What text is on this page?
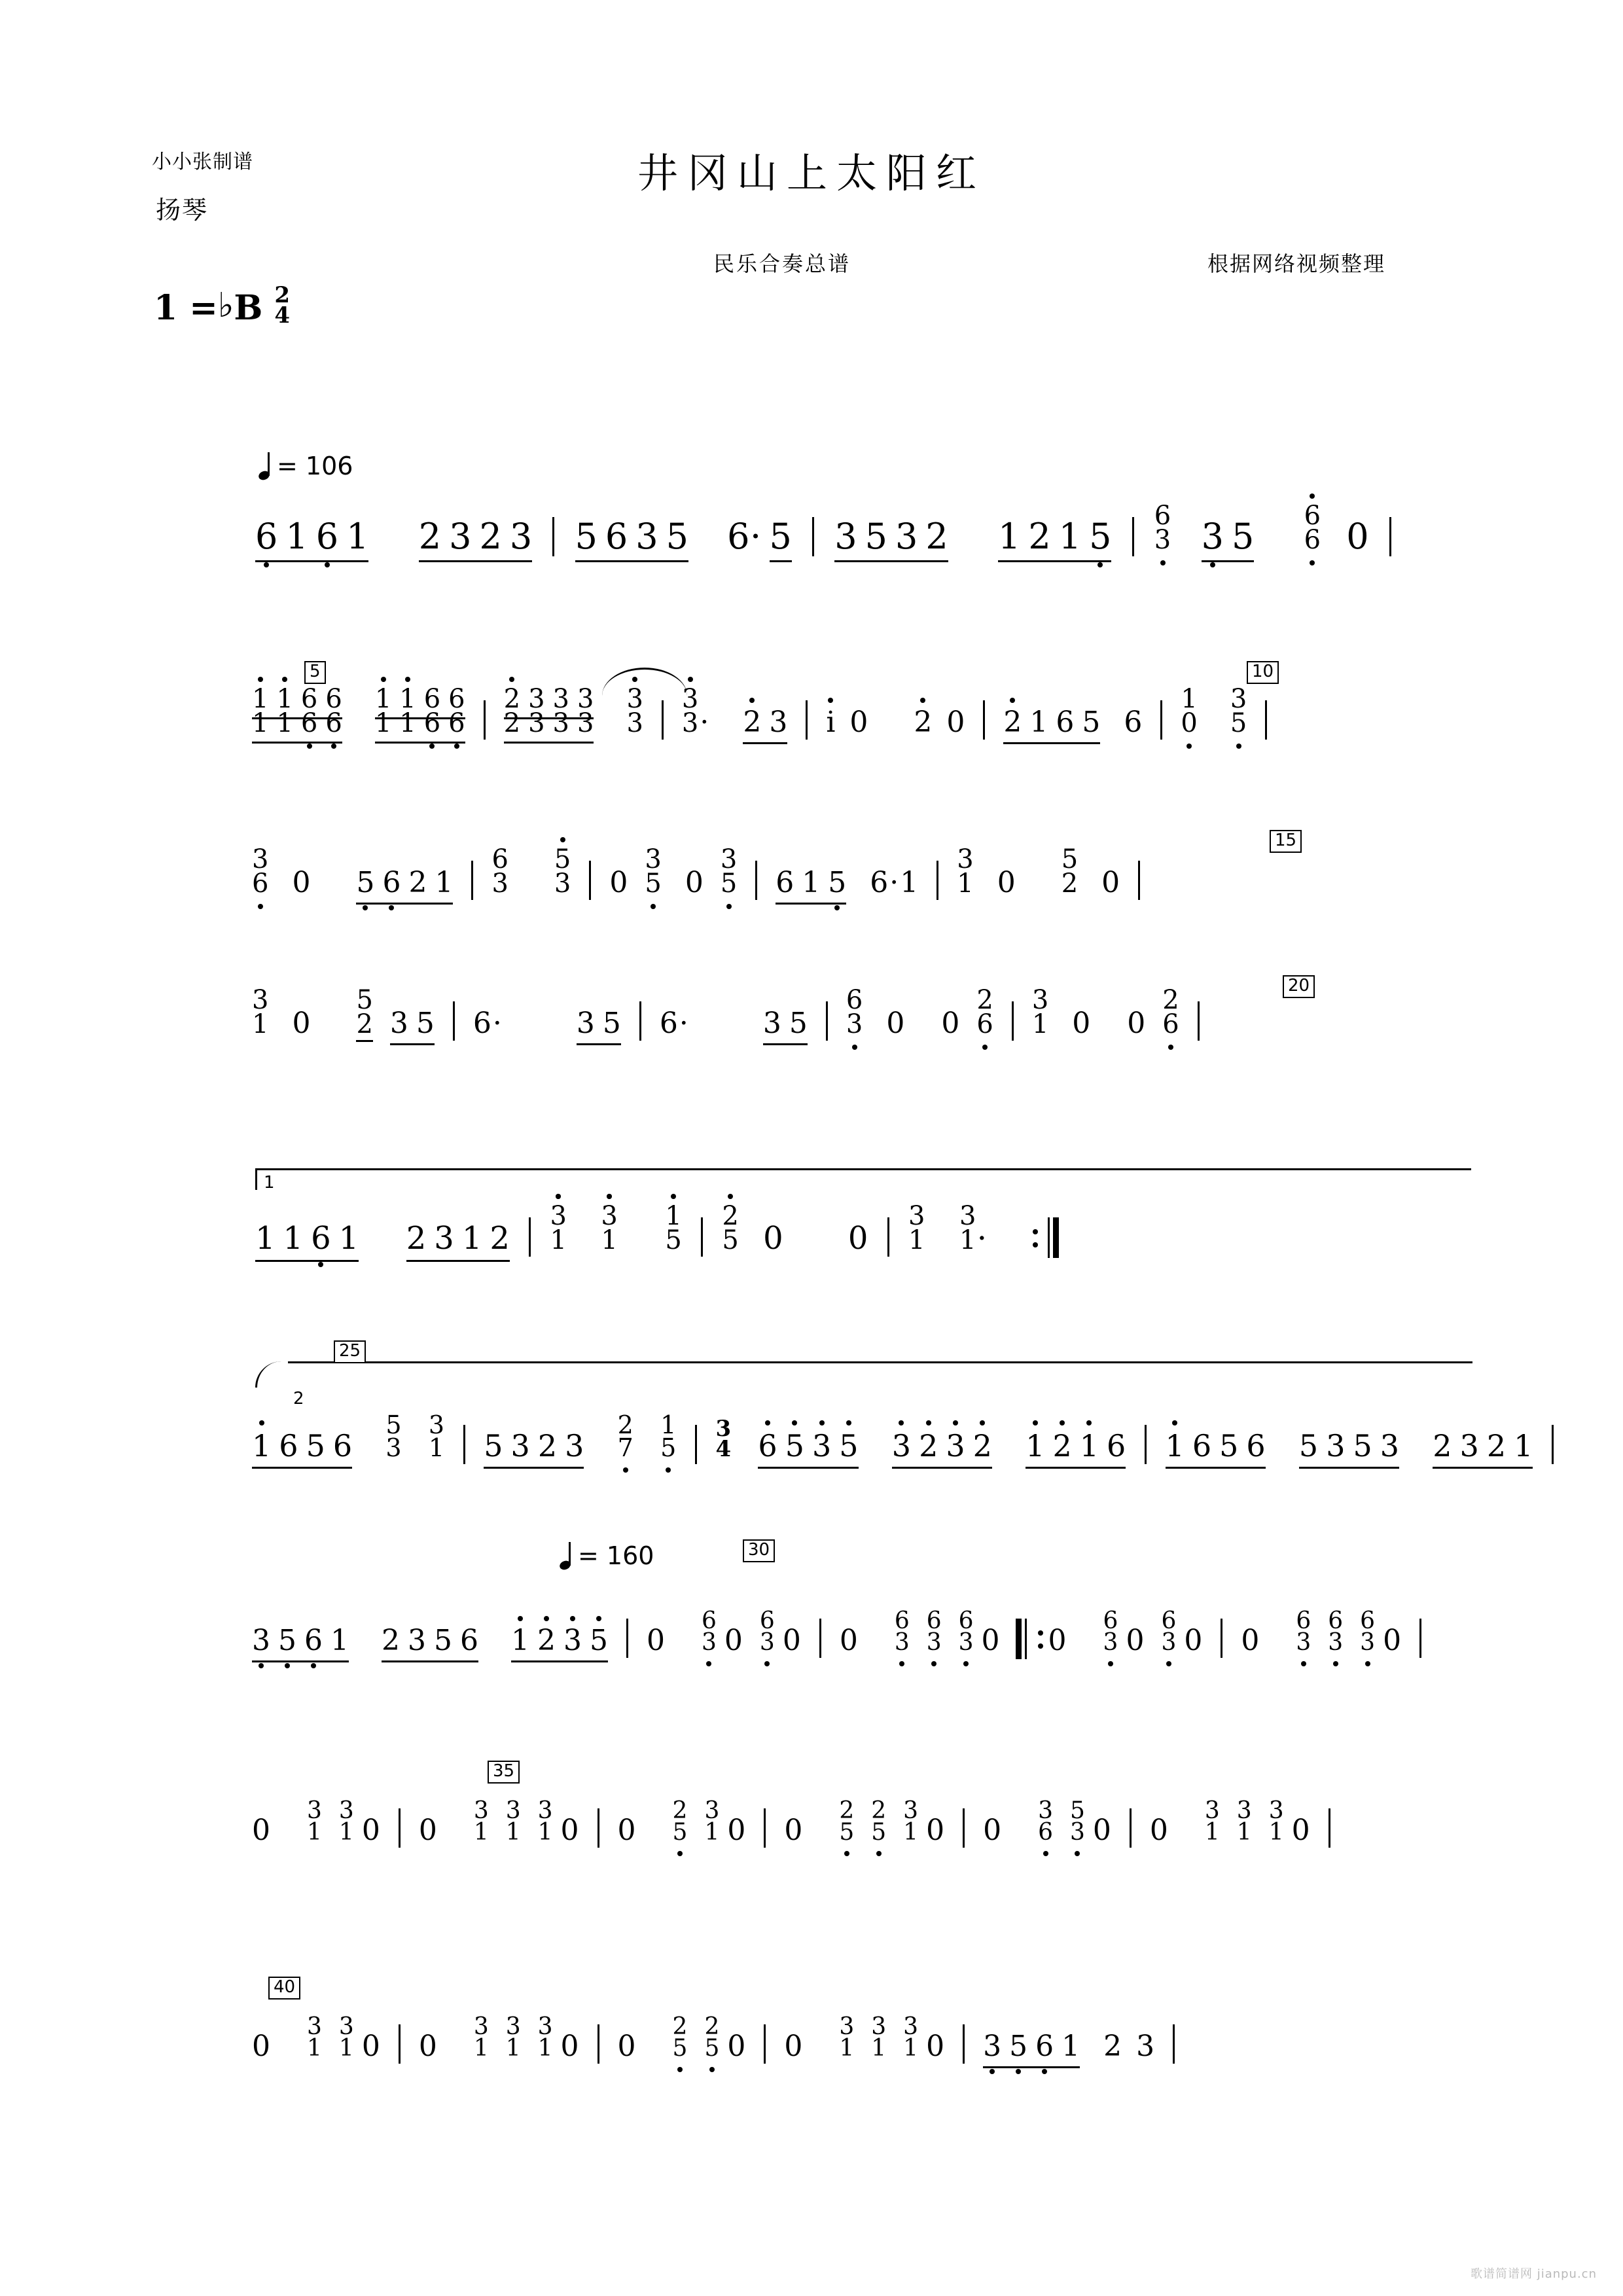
小小张制谱
扬琴
井冈山上太阳红
民乐合奏总谱	根据网络视频整理
1 = ♭ B 2
4
= 106
6 1 6 1 2 3 2 3 5 6 3 5 6· 5 3 5 3 2 1 2 1 5 6
3 3 5 6
6 0
5
1 1 6 6
1 1 6 6

1 1 6 6
1 1 6 6

2 3 3 3
2 3 3 3

3
3

3
3 · 2 3 i 0 2 0 2 1 6 5 6
1
0

3
5

10
3
6 0 5 6 2 1
6
3

5
3 0
3
5 0
3
5 6 1 5 6·1
3
1 0
5
2 0
15
3
1 0
5
2 3 5 6·	3 5 6·	3 5
6
3 0 0
2
6

3
1 0 0
2
6

20
1
1 1 6 1 2 3 1 2
3
1

3
1

1
5

2
5 0 0
3
1

3
1 ·
25
2
1 6 5 6
5
3

3
1 5 3 2 3
2
7

1
5

3
4 6 5 3 5 3 2 3 2 1 2 1 6 1 6 5 6 5 3 5 3 2 3 2 1
= 160	30
3 5 6 1 2 3 5 6 1 2 3 5 0
6
3 0
6
3 0 0
6
3

6
3

6
3 0 0
6
3 0
6
3 0 0
6
3

6
3

6
3 0
35
0
3
1

3
1 0 0
3
1

3
1

3
1 0 0
2
5

3
1 0 0
2
5

2
5

3
1 0 0
3
6

5
3 0 0
3
1

3
1

3
1 0
40
0
3
1

3
1 0 0
3
1

3
1

3
1 0 0
2
5

2
5 0 0
3
1

3
1

3
1 0 3 5 6 1 2 3
歌谱简谱网 jianpu.cn
